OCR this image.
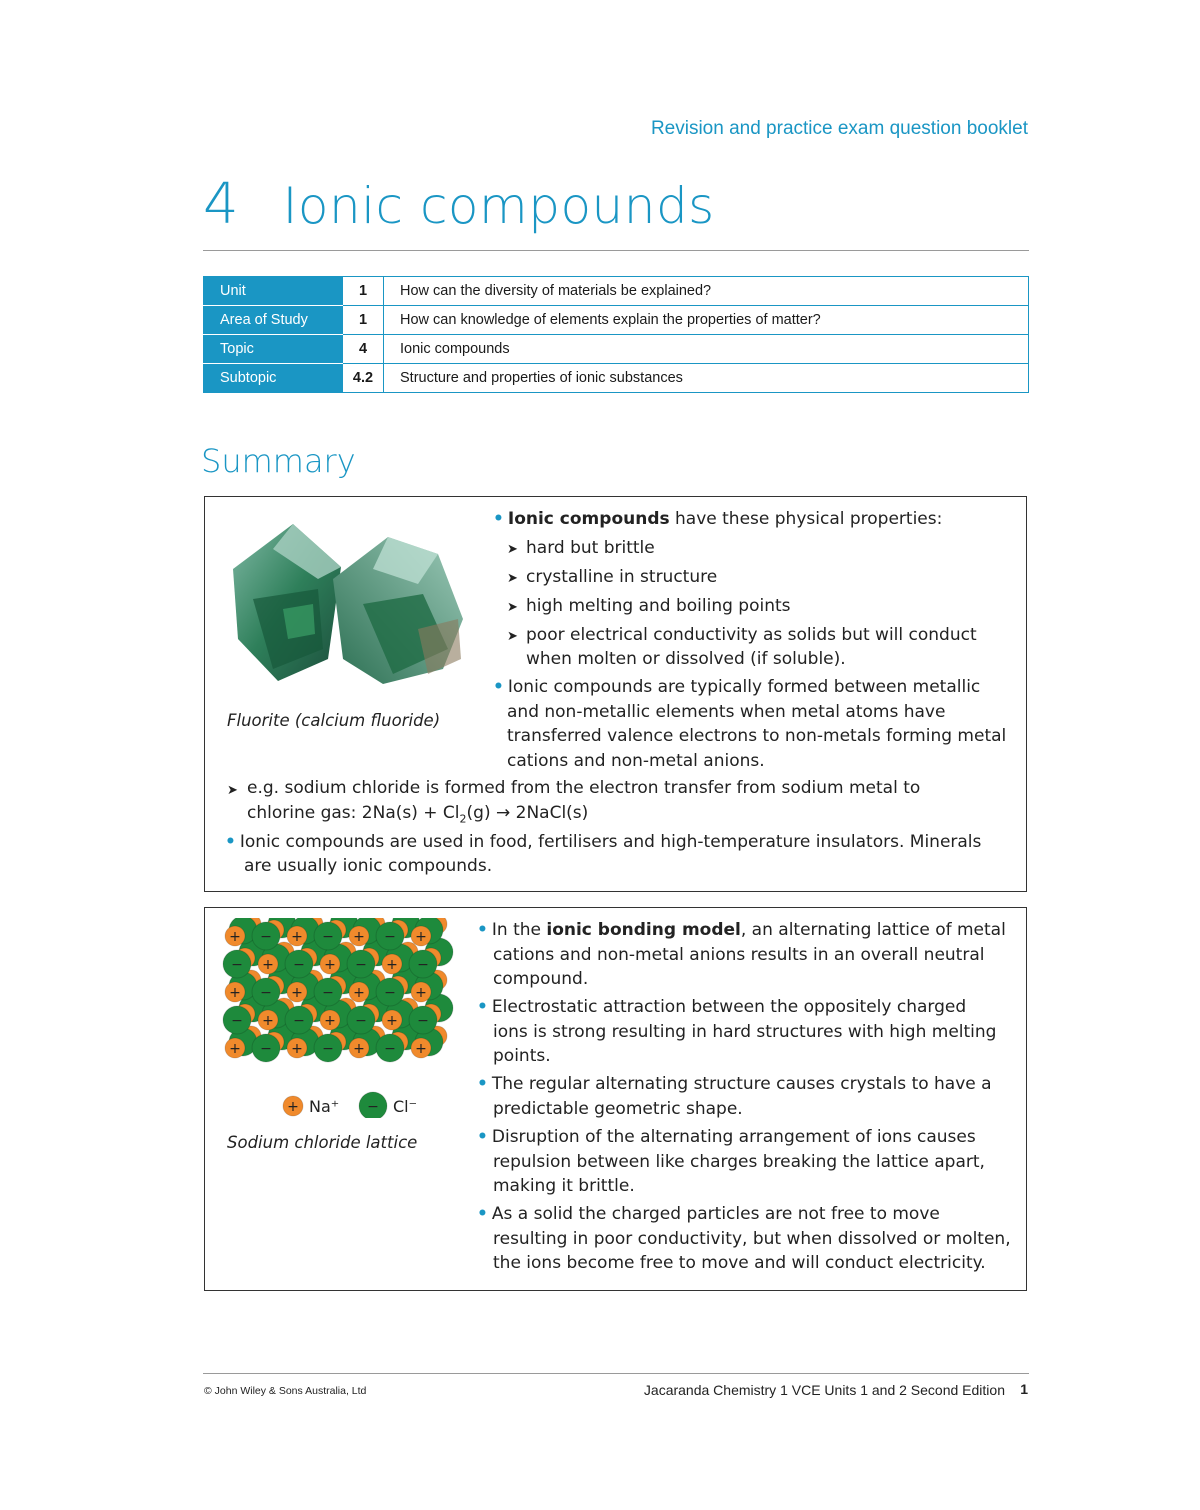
Revision and practice exam question booklet
4 Ionic compounds
Unit	1	How can the diversity of materials be explained?
Area of Study	1	How can knowledge of elements explain the properties of matter?
Topic	4	Ionic compounds
Subtopic	4.2	Structure and properties of ionic substances
Summary
Fluorite (calcium fluoride)
• Ionic compounds have these physical properties:
➤ hard but brittle
➤ crystalline in structure
➤ high melting and boiling points
➤ poor electrical conductivity as solids but will conduct
when molten or dissolved (if soluble).
• Ionic compounds are typically formed between metallic
and non-metallic elements when metal atoms have
transferred valence electrons to non-metals forming metal
cations and non-metal anions.
➤ e.g. sodium chloride is formed from the electron transfer from sodium metal to
chlorine gas: $2Na(s) + Cl_2(g)$ → 2NaCl(s)
• Ionic compounds are used in food, fertilisers and high-temperature insulators. Minerals
are usually ionic compounds.
+ − + − + − +
− + − + − + −
+ − + − + − +
− + − + − + −
+ − + − + − +
+ Na⁺ − Cl⁻
Sodium chloride lattice
• In the ionic bonding model, an alternating lattice of metal
cations and non-metal anions results in an overall neutral
compound.
• Electrostatic attraction between the oppositely charged
ions is strong resulting in hard structures with high melting
points.
• The regular alternating structure causes crystals to have a
predictable geometric shape.
• Disruption of the alternating arrangement of ions causes
repulsion between like charges breaking the lattice apart,
making it brittle.
• As a solid the charged particles are not free to move
resulting in poor conductivity, but when dissolved or molten,
the ions become free to move and will conduct electricity.
© John Wiley & Sons Australia, Ltd	Jacaranda Chemistry 1 VCE Units 1 and 2 Second Edition 1
